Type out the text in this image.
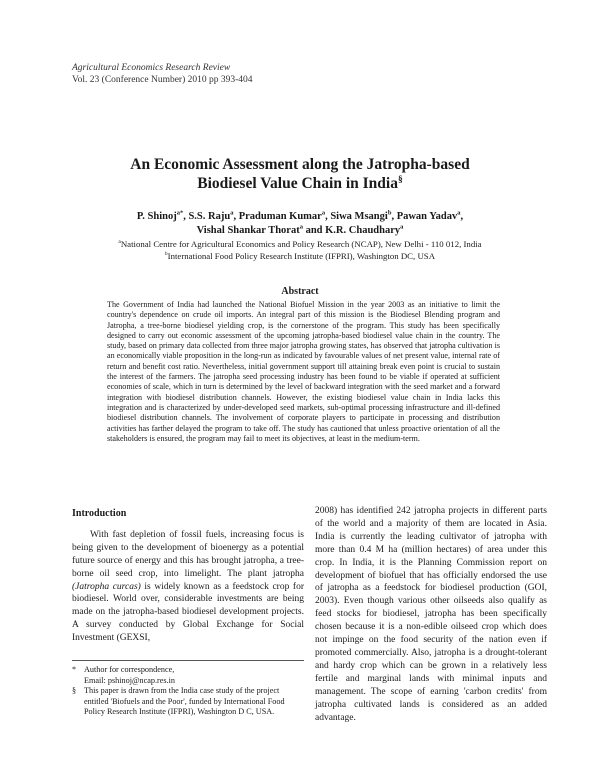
Agricultural Economics Research Review
Vol. 23 (Conference Number) 2010 pp 393-404
An Economic Assessment along the Jatropha-based
Biodiesel Value Chain in India§
P. Shinoj$^{a*}$, S.S. Raju$^a$, Praduman Kumar$^a$, Siwa Msangi$^b$, Pawan Yadav$^a$,
Vishal Shankar Thorat$^a$ and K.R. Chaudhary$^a$
$^a$National Centre for Agricultural Economics and Policy Research (NCAP), New Delhi - 110 012, India
$^b$International Food Policy Research Institute (IFPRI), Washington DC, USA
Abstract
The Government of India had launched the National Biofuel Mission in the year 2003 as an initiative to limit the country's dependence on crude oil imports. An integral part of this mission is the Biodiesel Blending program and Jatropha, a tree-borne biodiesel yielding crop, is the cornerstone of the program. This study has been specifically designed to carry out economic assessment of the upcoming jatropha-based biodiesel value chain in the country. The study, based on primary data collected from three major jatropha growing states, has observed that jatropha cultivation is an economically viable proposition in the long-run as indicated by favourable values of net present value, internal rate of return and benefit cost ratio. Nevertheless, initial government support till attaining break even point is crucial to sustain the interest of the farmers. The jatropha seed processing industry has been found to be viable if operated at sufficient economies of scale, which in turn is determined by the level of backward integration with the seed market and a forward integration with biodiesel distribution channels. However, the existing biodiesel value chain in India lacks this integration and is characterized by under-developed seed markets, sub-optimal processing infrastructure and ill-defined biodiesel distribution channels. The involvement of corporate players to participate in processing and distribution activities has farther delayed the program to take off. The study has cautioned that unless proactive orientation of all the stakeholders is ensured, the program may fail to meet its objectives, at least in the medium-term.
Introduction

With fast depletion of fossil fuels, increasing focus is being given to the development of bioenergy as a potential future source of energy and this has brought jatropha, a tree-borne oil seed crop, into limelight. The plant jatropha (Jatropha curcas) is widely known as a feedstock crop for biodiesel. World over, considerable investments are being made on the jatropha-based biodiesel development projects. A survey conducted by Global Exchange for Social Investment (GEXSI,

2008) has identified 242 jatropha projects in different parts of the world and a majority of them are located in Asia. India is currently the leading cultivator of jatropha with more than 0.4 M ha (million hectares) of area under this crop. In India, it is the Planning Commission report on development of biofuel that has officially endorsed the use of jatropha as a feedstock for biodiesel production (GOI, 2003). Even though various other oilseeds also qualify as feed stocks for biodiesel, jatropha has been specifically chosen because it is a non-edible oilseed crop which does not impinge on the food security of the nation even if promoted commercially. Also, jatropha is a drought-tolerant and hardy crop which can be grown in a relatively less fertile and marginal lands with minimal inputs and management. The scope of earning 'carbon credits' from jatropha cultivated lands is considered as an added advantage.

* Author for correspondence,
Email: pshinoj@ncap.res.in
§ This paper is drawn from the India case study of the project entitled 'Biofuels and the Poor', funded by International Food Policy Research Institute (IFPRI), Washington D C, USA.
